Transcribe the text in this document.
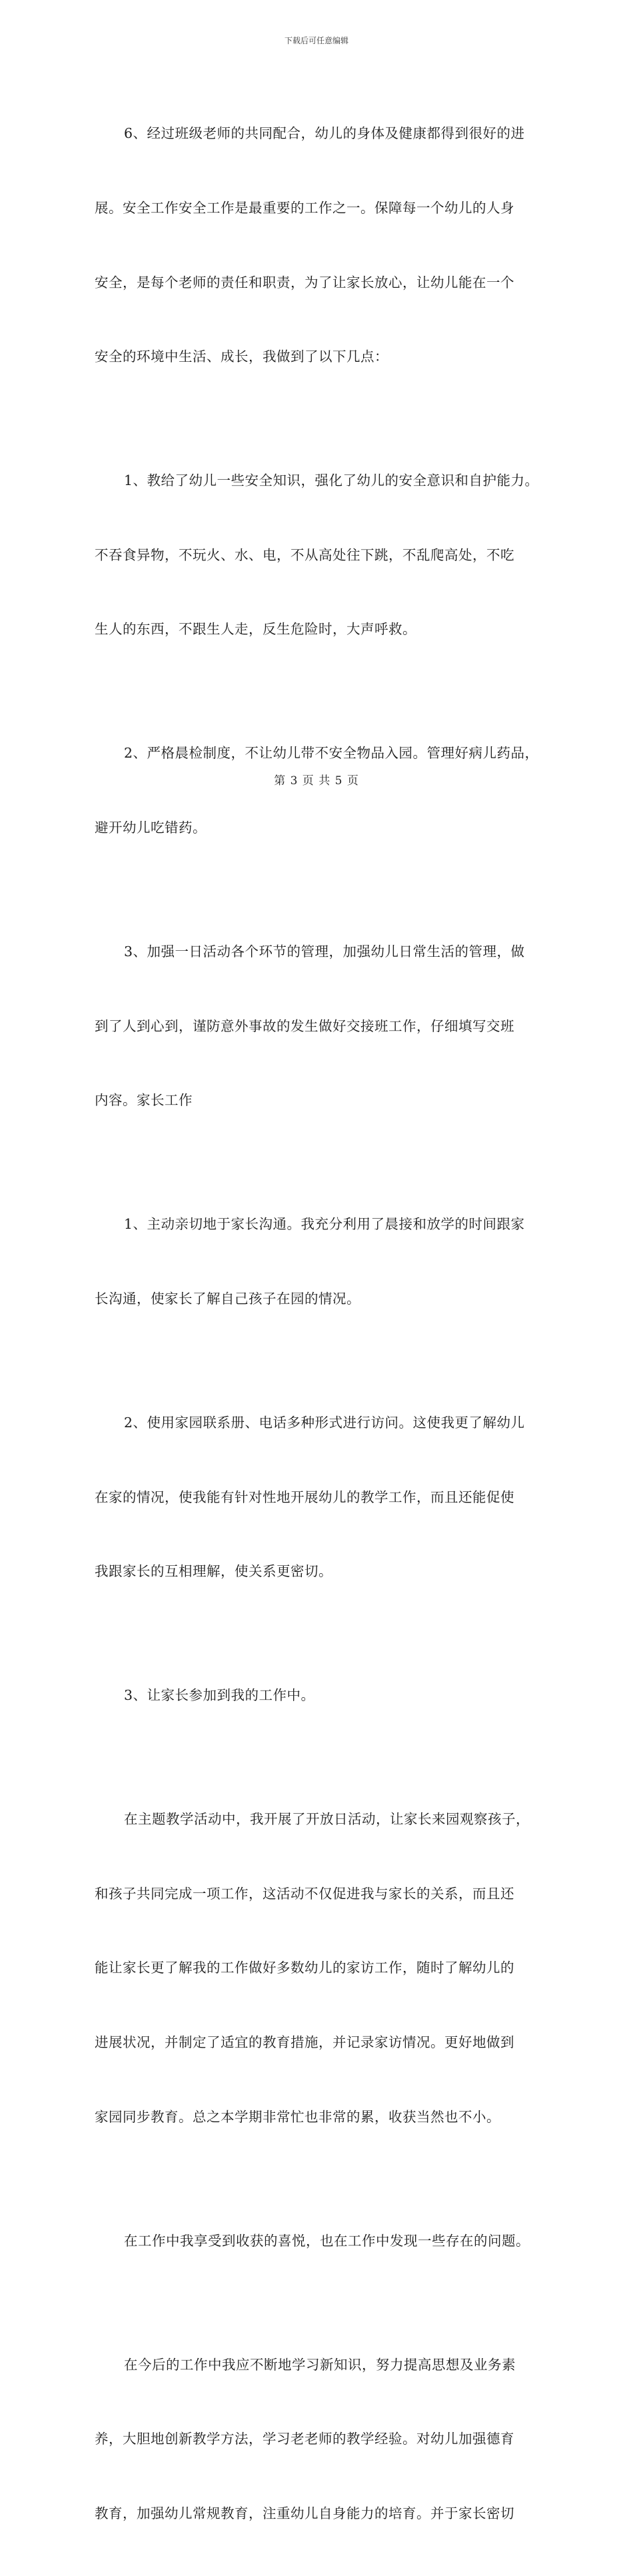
下载后可任意编辑

6、经过班级老师的共同配合，幼儿的身体及健康都得到很好的进

展。安全工作安全工作是最重要的工作之一。保障每一个幼儿的人身

安全，是每个老师的责任和职责，为了让家长放心，让幼儿能在一个

安全的环境中生活、成长，我做到了以下几点：

1、教给了幼儿一些安全知识，强化了幼儿的安全意识和自护能力。

不吞食异物，不玩火、水、电，不从高处往下跳，不乱爬高处，不吃

生人的东西，不跟生人走，反生危险时，大声呼救。

2、严格晨检制度，不让幼儿带不安全物品入园。管理好病儿药品，

避开幼儿吃错药。

3、加强一日活动各个环节的管理，加强幼儿日常生活的管理，做

到了人到心到，谨防意外事故的发生做好交接班工作，仔细填写交班

内容。家长工作

1、主动亲切地于家长沟通。我充分利用了晨接和放学的时间跟家

长沟通，使家长了解自己孩子在园的情况。

2、使用家园联系册、电话多种形式进行访问。这使我更了解幼儿

在家的情况，使我能有针对性地开展幼儿的教学工作，而且还能促使

我跟家长的互相理解，使关系更密切。

3、让家长参加到我的工作中。

在主题教学活动中，我开展了开放日活动，让家长来园观察孩子，

和孩子共同完成一项工作，这活动不仅促进我与家长的关系，而且还

能让家长更了解我的工作做好多数幼儿的家访工作，随时了解幼儿的

进展状况，并制定了适宜的教育措施，并记录家访情况。更好地做到

家园同步教育。总之本学期非常忙也非常的累，收获当然也不小。

在工作中我享受到收获的喜悦，也在工作中发现一些存在的问题。

在今后的工作中我应不断地学习新知识，努力提高思想及业务素

养，大胆地创新教学方法，学习老老师的教学经验。对幼儿加强德育

教育，加强幼儿常规教育，注重幼儿自身能力的培育。并于家长密切

第 3 页 共 5 页
